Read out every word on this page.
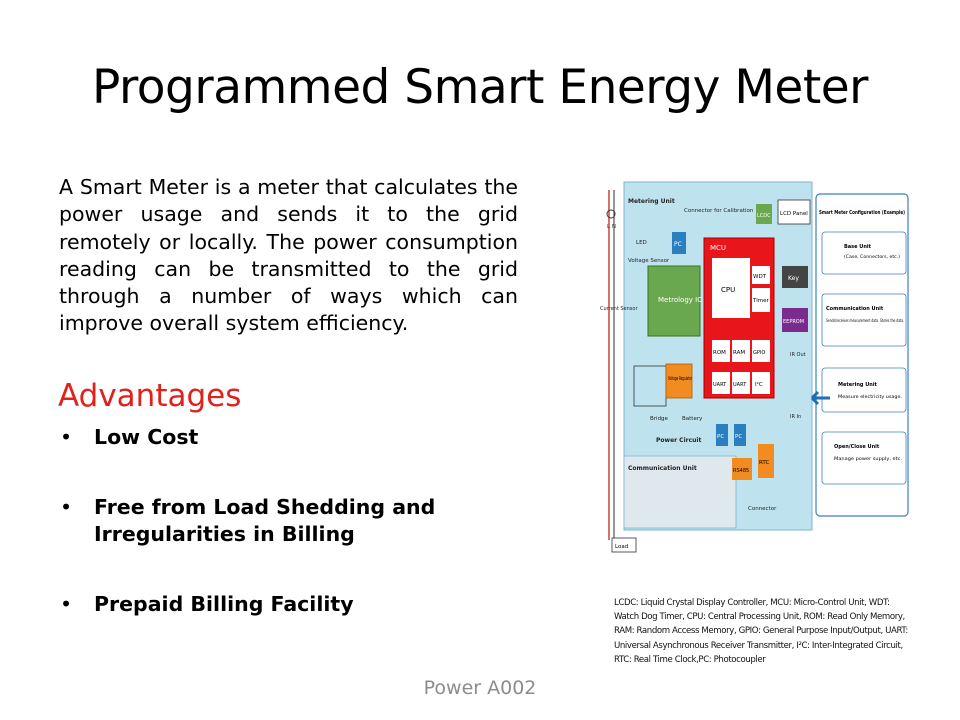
Programmed Smart Energy Meter
A Smart Meter is a meter that calculates the power usage and sends it to the grid remotely or locally. The power consumption reading can be transmitted to the grid through a number of ways which can improve overall system efficiency.
Advantages
• Low Cost
• Free from Load Shedding and Irregularities in Billing
• Prepaid Billing Facility
L N
Metering Unit
Connector for Calibration
LED
Voltage Sensor
Current Sensor
PC
Metrology IC
MCU
CPU
WDT
Timer
ROM RAM GPIO
UART UART I²C
LCDC LCD Panel
Key
EEPROM
IR Out
IR In
Bridge
Voltage Regulator
Battery
Power Circuit	PC PC
RTC
Communication Unit	RS485
Connector
Load
Smart Meter Configuration (Example)
Base Unit
(Case, Connectors, etc.)
Communication Unit
Sends/receives measurement data. Stores the data.
Metering Unit
Measure electricity usage.
Open/Close Unit
Manage power supply, etc.
LCDC: Liquid Crystal Display Controller, MCU: Micro-Control Unit, WDT: Watch Dog Timer, CPU: Central Processing Unit, ROM: Read Only Memory, RAM: Random Access Memory, GPIO: General Purpose Input/Output, UART: Universal Asynchronous Receiver Transmitter, I²C: Inter-Integrated Circuit, RTC: Real Time Clock,PC: Photocoupler
Power A002
